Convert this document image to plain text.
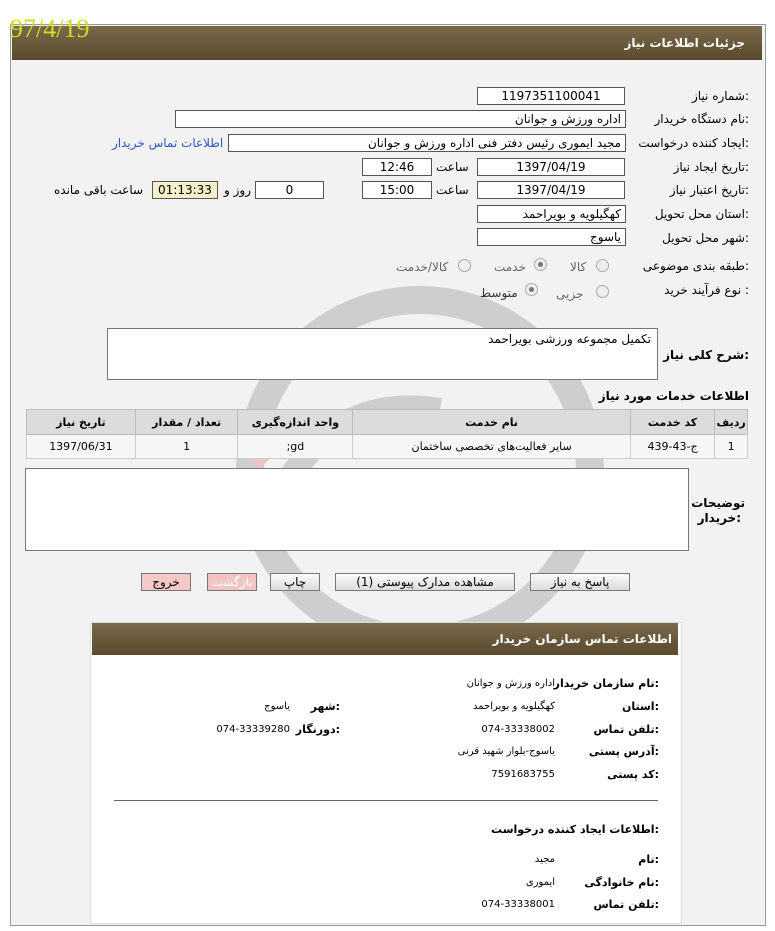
جزئیات اطلاعات نیاز
97/4/19
شماره نیاز:
1197351100041
نام دستگاه خریدار:
اداره ورزش و جوانان
ایجاد کننده درخواست:
مجید ایموری رئیس دفتر فنی اداره ورزش و جوانان
اطلاعات تماس خریدار
تاریخ ایجاد نیاز:
1397/04/19
ساعت
12:46
تاریخ اعتبار نیاز:
1397/04/19
ساعت
15:00
0
روز و
01:13:33
ساعت باقی مانده
استان محل تحویل:
کهگیلویه و بویراحمد
شهر محل تحویل:
یاسوج
طبقه بندی موضوعی:
کالا
خدمت
کالا/خدمت
نوع فرآیند خرید :
جزیی
متوسط
شرح کلی نیاز:
تکمیل مجموعه ورزشی بویراحمد
اطلاعات خدمات مورد نیاز
ردیف	کد خدمت	نام خدمت	واحد اندازه‌گیری	تعداد / مقدار	تاریخ نیاز
1	ج-43-439	سایر فعالیت‌های تخصصی ساختمان	gd;	1	1397/06/31
توضیحات
خریدار:
پاسخ به نیاز
مشاهده مدارک پیوستی (1)
چاپ
بازگشت
خروج
اطلاعات تماس سازمان خریدار
نام سازمان خریدار:
اداره ورزش و جوانان
استان:
کهگیلویه و بویراحمد
شهر:
یاسوج
تلفن تماس:
074-33338002
دورنگار:
074-33339280
آدرس پستی:
یاسوج-بلوار شهید قرنی
کد پستی:
7591683755
اطلاعات ایجاد کننده درخواست:
نام:
مجید
نام خانوادگی:
ایموری
تلفن تماس:
074-33338001
